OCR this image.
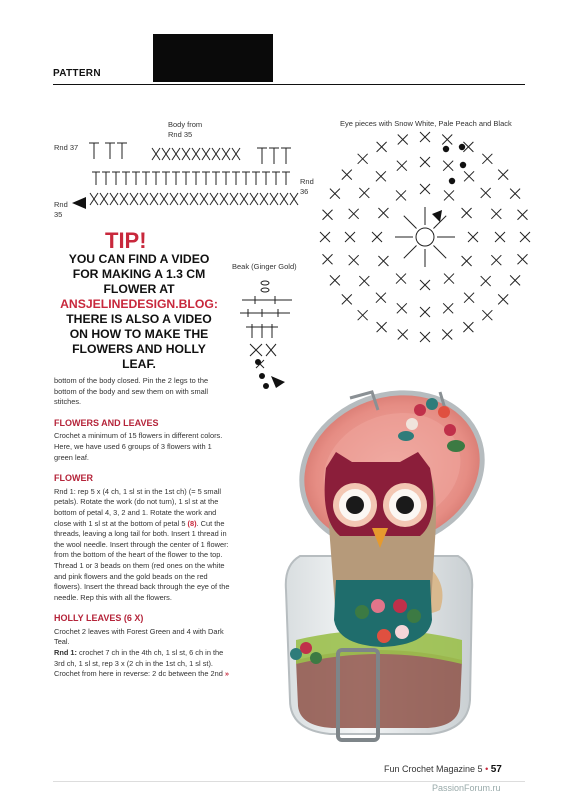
PATTERN
Body from
Rnd 35
Rnd 37
Rnd
36
Rnd
35
Eye pieces with Snow White, Pale Peach and Black
Beak (Ginger Gold)
TIP!
YOU CAN FIND A VIDEO
FOR MAKING A 1.3 CM
FLOWER AT
ANSJELINEDESIGN.BLOG:
THERE IS ALSO A VIDEO
ON HOW TO MAKE THE
FLOWERS AND HOLLY
LEAF.

bottom of the body closed. Pin the 2 legs to the bottom of the body and sew them on with small stitches.

FLOWERS AND LEAVES

Crochet a minimum of 15 flowers in different colors. Here, we have used 6 groups of 3 flowers with 1 green leaf.

FLOWER

Rnd 1: rep 5 x (4 ch, 1 sl st in the 1st ch) (= 5 small petals). Rotate the work (do not turn), 1 sl st at the bottom of petal 4, 3, 2 and 1. Rotate the work and close with 1 sl st at the bottom of petal 5 (8). Cut the threads, leaving a long tail for both. Insert 1 thread in the wool needle. Insert through the center of 1 flower: from the bottom of the heart of the flower to the top. Thread 1 or 3 beads on them (red ones on the white and pink flowers and the gold beads on the red flowers). Insert the thread back through the eye of the needle. Rep this with all the flowers.

HOLLY LEAVES (6 X)

Crochet 2 leaves with Forest Green and 4 with Dark Teal.

Rnd 1: crochet 7 ch in the 4th ch, 1 sl st, 6 ch in the 3rd ch, 1 sl st, rep 3 x (2 ch in the 1st ch, 1 sl st). Crochet from here in reverse: 2 dc between the 2nd »

Fun Crochet Magazine 5 • 57
PassionForum.ru
